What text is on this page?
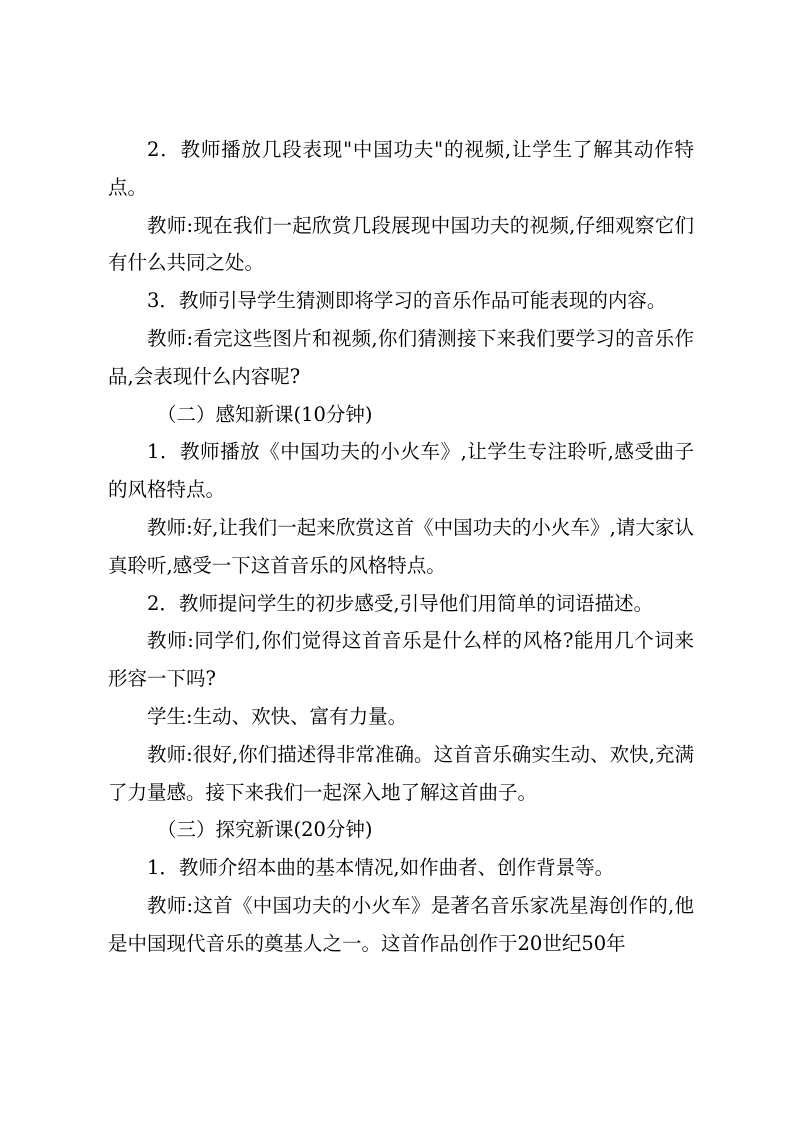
2．教师播放几段表现"中国功夫"的视频,让学生了解其动作特点。

教师:现在我们一起欣赏几段展现中国功夫的视频,仔细观察它们有什么共同之处。

3．教师引导学生猜测即将学习的音乐作品可能表现的内容。

教师:看完这些图片和视频,你们猜测接下来我们要学习的音乐作品,会表现什么内容呢?

（二）感知新课(10分钟)

1．教师播放《中国功夫的小火车》,让学生专注聆听,感受曲子的风格特点。

教师:好,让我们一起来欣赏这首《中国功夫的小火车》,请大家认真聆听,感受一下这首音乐的风格特点。

2．教师提问学生的初步感受,引导他们用简单的词语描述。

教师:同学们,你们觉得这首音乐是什么样的风格?能用几个词来形容一下吗?

学生:生动、欢快、富有力量。

教师:很好,你们描述得非常准确。这首音乐确实生动、欢快,充满了力量感。接下来我们一起深入地了解这首曲子。

（三）探究新课(20分钟)

1．教师介绍本曲的基本情况,如作曲者、创作背景等。

教师:这首《中国功夫的小火车》是著名音乐家冼星海创作的,他是中国现代音乐的奠基人之一。这首作品创作于20世纪50年
